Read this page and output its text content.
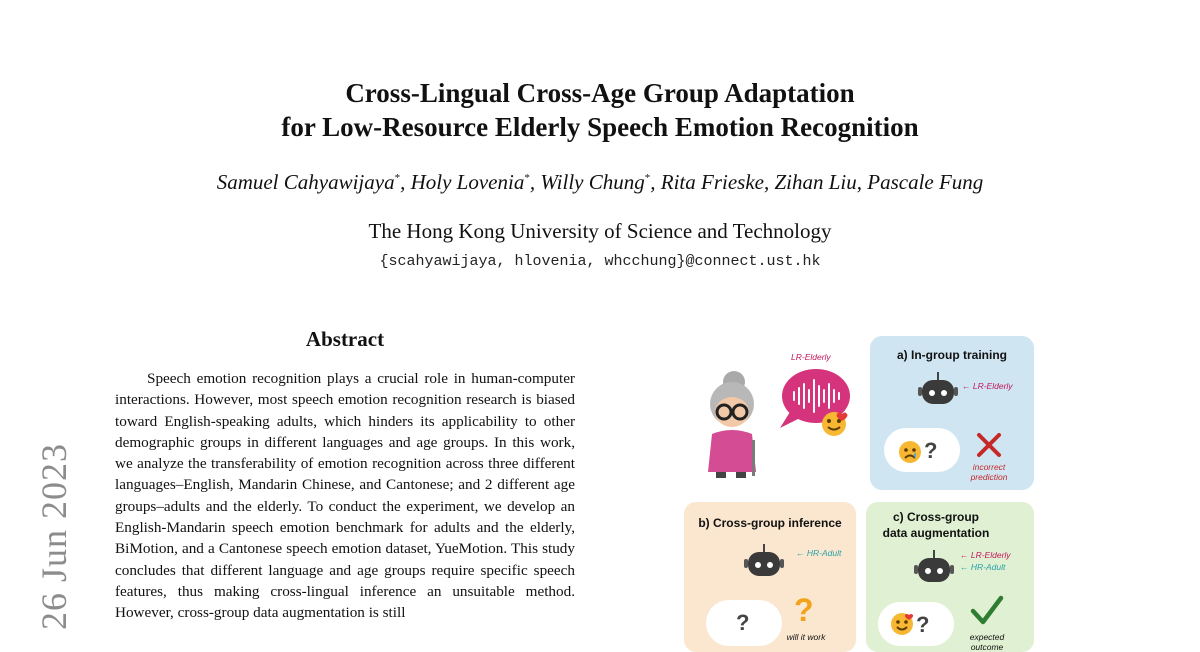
Cross-Lingual Cross-Age Group Adaptation
for Low-Resource Elderly Speech Emotion Recognition
Samuel Cahyawijaya*, Holy Lovenia*, Willy Chung*, Rita Frieske, Zihan Liu, Pascale Fung
The Hong Kong University of Science and Technology
{scahyawijaya, hlovenia, whcchung}@connect.ust.hk
26 Jun 2023
Abstract

Speech emotion recognition plays a crucial role in human-computer interactions. However, most speech emotion recognition research is biased toward English-speaking adults, which hinders its applicability to other demographic groups in different languages and age groups. In this work, we analyze the transferability of emotion recognition across three different languages–English, Mandarin Chinese, and Cantonese; and 2 different age groups–adults and the elderly. To conduct the experiment, we develop an English-Mandarin speech emotion benchmark for adults and the elderly, BiMotion, and a Cantonese speech emotion dataset, YueMotion. This study concludes that different language and age groups require specific speech features, thus making cross-lingual inference an unsuitable method. However, cross-group data augmentation is still

LR-Elderly	a) In-group training
← LR-Elderly
?
incorrect prediction
b) Cross-group inference
← HR-Adult
? ?
will it work
c) Cross-group
data augmentation
← LR-Elderly
← HR-Adult
?	expected outcome
